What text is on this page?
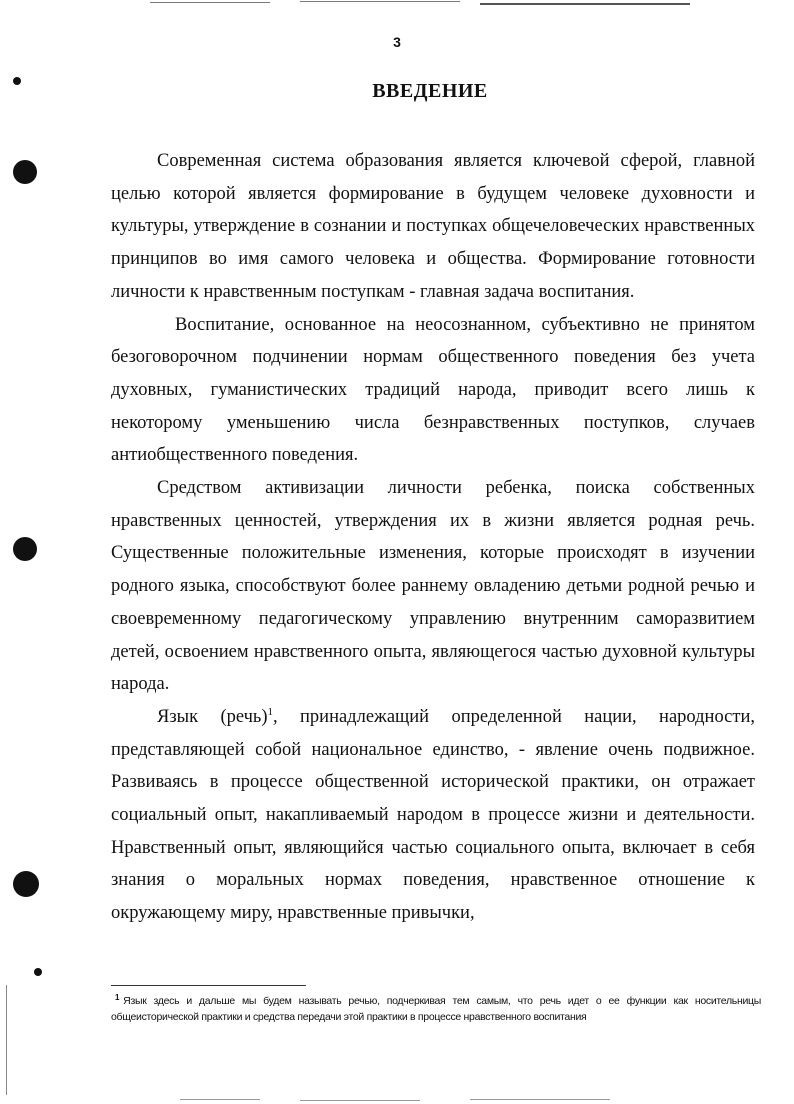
3
ВВЕДЕНИЕ

Современная система образования является ключевой сферой, главной целью которой является формирование в будущем человеке духовности и культуры, утверждение в сознании и поступках общечеловеческих нравственных принципов во имя самого человека и общества. Формирование готовности личности к нравственным поступкам - главная задача воспитания.

Воспитание, основанное на неосознанном, субъективно не принятом безоговорочном подчинении нормам общественного поведения без учета духовных, гуманистических традиций народа, приводит всего лишь к некоторому уменьшению числа безнравственных поступков, случаев антиобщественного поведения.

Средством активизации личности ребенка, поиска собственных нравственных ценностей, утверждения их в жизни является родная речь. Существенные положительные изменения, которые происходят в изучении родного языка, способствуют более раннему овладению детьми родной речью и своевременному педагогическому управлению внутренним саморазвитием детей, освоением нравственного опыта, являющегося частью духовной культуры народа.

Язык (речь)$^1$, принадлежащий определенной нации, народности, представляющей собой национальное единство, - явление очень подвижное. Развиваясь в процессе общественной исторической практики, он отражает социальный опыт, накапливаемый народом в процессе жизни и деятельности. Нравственный опыт, являющийся частью социального опыта, включает в себя знания о моральных нормах поведения, нравственное отношение к окружающему миру, нравственные привычки,

$^1$ Язык здесь и дальше мы будем называть речью, подчеркивая тем самым, что речь идет о ее функции как носительницы общеисторической практики и средства передачи этой практики в процессе нравственного воспитания
